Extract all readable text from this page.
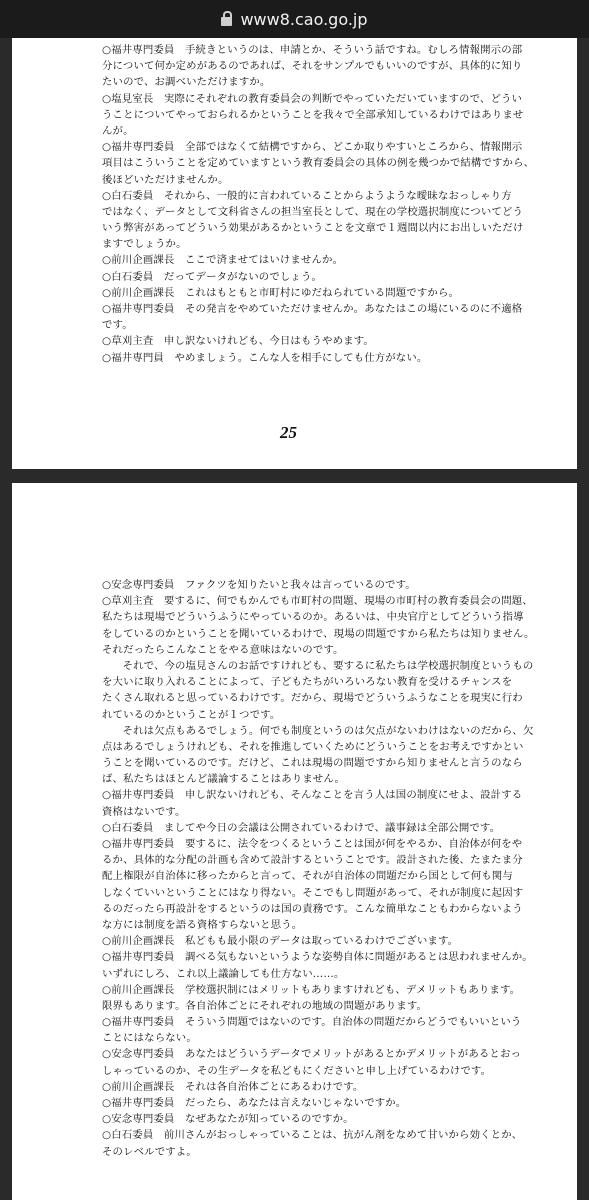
www8.cao.go.jp
○福井専門委員　手続きというのは、申請とか、そういう話ですね。むしろ情報開示の部
分について何か定めがあるのであれば、それをサンプルでもいいのですが、具体的に知り
たいので、お調べいただけますか。
○塩見室長　実際にそれぞれの教育委員会の判断でやっていただいていますので、どうい
うことについてやっておられるかということを我々で全部承知しているわけではありませ
んが。
○福井専門委員　全部ではなくて結構ですから、どこか取りやすいところから、情報開示
項目はこういうことを定めていますという教育委員会の具体の例を幾つかで結構ですから、
後ほどいただけませんか。
○白石委員　それから、一般的に言われていることからようような曖昧なおっしゃり方
ではなく、データとして文科省さんの担当室長として、現在の学校選択制度についてどう
いう弊害があってどういう効果があるかということを文章で１週間以内にお出しいただけ
ますでしょうか。
○前川企画課長　ここで済ませてはいけませんか。
○白石委員　だってデータがないのでしょう。
○前川企画課長　これはもともと市町村にゆだねられている問題ですから。
○福井専門委員　その発言をやめていただけませんか。あなたはこの場にいるのに不適格
です。
○草刈主査　申し訳ないけれども、今日はもうやめます。
○福井専門員　やめましょう。こんな人を相手にしても仕方がない。
25
○安念専門委員　ファクツを知りたいと我々は言っているのです。
○草刈主査　要するに、何でもかんでも市町村の問題、現場の市町村の教育委員会の問題、
私たちは現場でどういうふうにやっているのか。あるいは、中央官庁としてどういう指導
をしているのかということを聞いているわけで、現場の問題ですから私たちは知りません。
それだったらこんなことをやる意味はないのです。
　それで、今の塩見さんのお話ですけれども、要するに私たちは学校選択制度というもの
を大いに取り入れることによって、子どもたちがいろいろない教育を受けるチャンスを
たくさん取れると思っているわけです。だから、現場でどういうふうなことを現実に行わ
れているのかということが１つです。
　それは欠点もあるでしょう。何でも制度というのは欠点がないわけはないのだから、欠
点はあるでしょうけれども、それを推進していくためにどういうことをお考えですかとい
うことを聞いているのです。だけど、これは現場の問題ですから知りませんと言うのなら
ば、私たちはほとんど議論することはありません。
○福井専門委員　申し訳ないけれども、そんなことを言う人は国の制度にせよ、設計する
資格はないです。
○白石委員　ましてや今日の会議は公開されているわけで、議事録は全部公開です。
○福井専門委員　要するに、法令をつくるということは国が何をやるか、自治体が何をや
るか、具体的な分配の計画も含めて設計するということです。設計された後、たまたま分
配上権限が自治体に移ったからと言って、それが自治体の問題だから国として何も関与
しなくていいということにはなり得ない。そこでもし問題があって、それが制度に起因す
るのだったら再設計をするというのは国の責務です。こんな簡単なこともわからないよう
な方には制度を語る資格すらないと思う。
○前川企画課長　私どもも最小限のデータは取っているわけでございます。
○福井専門委員　調べる気もないというような姿勢自体に問題があるとは思われませんか。
いずれにしろ、これ以上議論しても仕方ない……。
○前川企画課長　学校選択制にはメリットもありますけれども、デメリットもあります。
限界もあります。各自治体ごとにそれぞれの地域の問題があります。
○福井専門委員　そういう問題ではないのです。自治体の問題だからどうでもいいという
ことにはならない。
○安念専門委員　あなたはどういうデータでメリットがあるとかデメリットがあるとおっ
しゃっているのか、その生データを私どもにくださいと申し上げているわけです。
○前川企画課長　それは各自治体ごとにあるわけです。
○福井専門委員　だったら、あなたは言えないじゃないですか。
○安念専門委員　なぜあなたが知っているのですか。
○白石委員　前川さんがおっしゃっていることは、抗がん剤をなめて甘いから効くとか、
そのレベルですよ。
